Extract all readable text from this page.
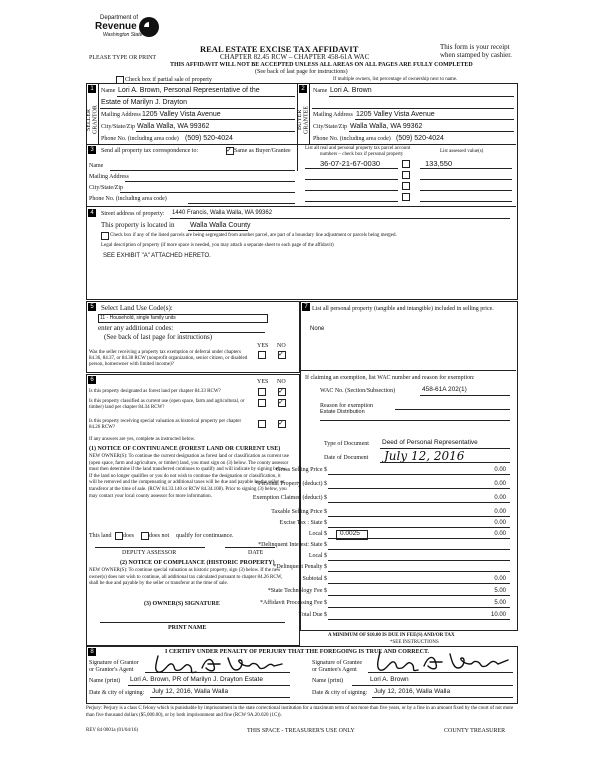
Department of
Revenue
Washington State
REAL ESTATE EXCISE TAX AFFIDAVIT
CHAPTER 82.45 RCW – CHAPTER 458-61A WAC
THIS AFFIDAVIT WILL NOT BE ACCEPTED UNLESS ALL AREAS ON ALL PAGES ARE FULLY COMPLETED
(See back of last page for instructions)
PLEASE TYPE OR PRINT
This form is your receipt
when stamped by cashier.
Check box if partial sale of property	If multiple owners, list percentage of ownership next to name.
1
SELLER GRANTOR
Name Lori A. Brown, Personal Representative of the
Estate of Marilyn J. Drayton
Mailing Address 1205 Valley Vista Avenue
City/State/Zip Walla Walla, WA 99362
Phone No. (including area code) (509) 520-4024
2
BUYER GRANTEE
Name Lori A. Brown
Mailing Address 1205 Valley Vista Avenue
City/State/Zip Walla Walla, WA 99362
Phone No. (including area code) (509) 520-4024
3	Send all property tax correspondence to:	✓ Same as Buyer/Grantee
Name
Mailing Address
City/State/Zip
Phone No. (including area code)
List all real and personal property tax parcel account
numbers – check box if personal property
List assessed value(s)
36-07-21-67-0030	133,550
4	Street address of property: 1440 Francis, Walla Walla, WA 99362
This property is located in Walla Walla County
Check box if any of the listed parcels are being segregated from another parcel, are part of a boundary line adjustment or parcels being merged.
Legal description of property (if more space is needed, you may attach a separate sheet to each page of the affidavit)
SEE EXHIBIT "A" ATTACHED HERETO.
5	Select Land Use Code(s):
11 - Household, single family units
enter any additional codes:
(See back of last page for instructions)
YES NO
Was the seller receiving a property tax exemption or deferral under chapters 84.36, 84.37, or 84.38 RCW (nonprofit organization, senior citizen, or disabled person, homeowner with limited income)?
✓
6	YES NO
Is this property designated as forest land per chapter 84.33 RCW?	✓
Is this property classified as current use (open space, farm and agricultural, or timber) land per chapter 84.34 RCW?
✓
Is this property receiving special valuation as historical property per chapter 84.26 RCW?
✓
If any answers are yes, complete as instructed below.
(1) NOTICE OF CONTINUANCE (FOREST LAND OR CURRENT USE)
NEW OWNER(S): To continue the current designation as forest land or classification as current use (open space, farm and agriculture, or timber) land, you must sign on (3) below. The county assessor must then determine if the land transferred continues to qualify and will indicate by signing below. If the land no longer qualifies or you do not wish to continue the designation or classification, it will be removed and the compensating or additional taxes will be due and payable by the seller or transferor at the time of sale. (RCW 84.33.140 or RCW 84.34.108). Prior to signing (3) below, you may contact your local county assessor for more information.
This land does	does not qualify for continuance.
DEPUTY ASSESSOR	DATE
(2) NOTICE OF COMPLIANCE (HISTORIC PROPERTY)
NEW OWNER(S): To continue special valuation as historic property, sign (3) below. If the new owner(s) does not wish to continue, all additional tax calculated pursuant to chapter 84.26 RCW, shall be due and payable by the seller or transferor at the time of sale.
(3) OWNER(S) SIGNATURE
PRINT NAME
7 List all personal property (tangible and intangible) included in selling price.
None
If claiming an exemption, list WAC number and reason for exemption:
WAC No. (Section/Subsection)	458-61A 202(1)
Reason for exemption
Estate Distribution
Type of Document Deed of Personal Representative
Date of Document July 12, 2016
Gross Selling Price $	0.00
*Personal Property (deduct) $	0.00
Exemption Claimed (deduct) $	0.00
Taxable Selling Price $	0.00
Excise Tax : State $	0.00
0.0025
Local $	0.00
*Delinquent Interest: State $
Local $
*Delinquent Penalty $
Subtotal $	0.00
*State Technology Fee $	5.00
*Affidavit Processing Fee $	5.00
Total Due $	10.00
A MINIMUM OF $10.00 IS DUE IN FEE(S) AND/OR TAX
*SEE INSTRUCTIONS
8	I CERTIFY UNDER PENALTY OF PERJURY THAT THE FOREGOING IS TRUE AND CORRECT.
Signature of Grantor or Grantor's Agent
Signature of Grantee or Grantee's Agent
Name (print) Lori A. Brown, PR of Marilyn J. Drayton Estate	Name (print)	Lori A. Brown
Date & city of signing: July 12, 2016, Walla Walla	Date & city of signing: July 12, 2016, Walla Walla
Perjury: Perjury is a class C felony which is punishable by imprisonment in the state correctional institution for a maximum term of not more than five years, or by a fine in an amount fixed by the court of not more than five thousand dollars ($5,000.00), or by both imprisonment and fine (RCW 9A.20.020 (1C)).
REV 84 0001a (01/04/16)	THIS SPACE - TREASURER'S USE ONLY	COUNTY TREASURER
